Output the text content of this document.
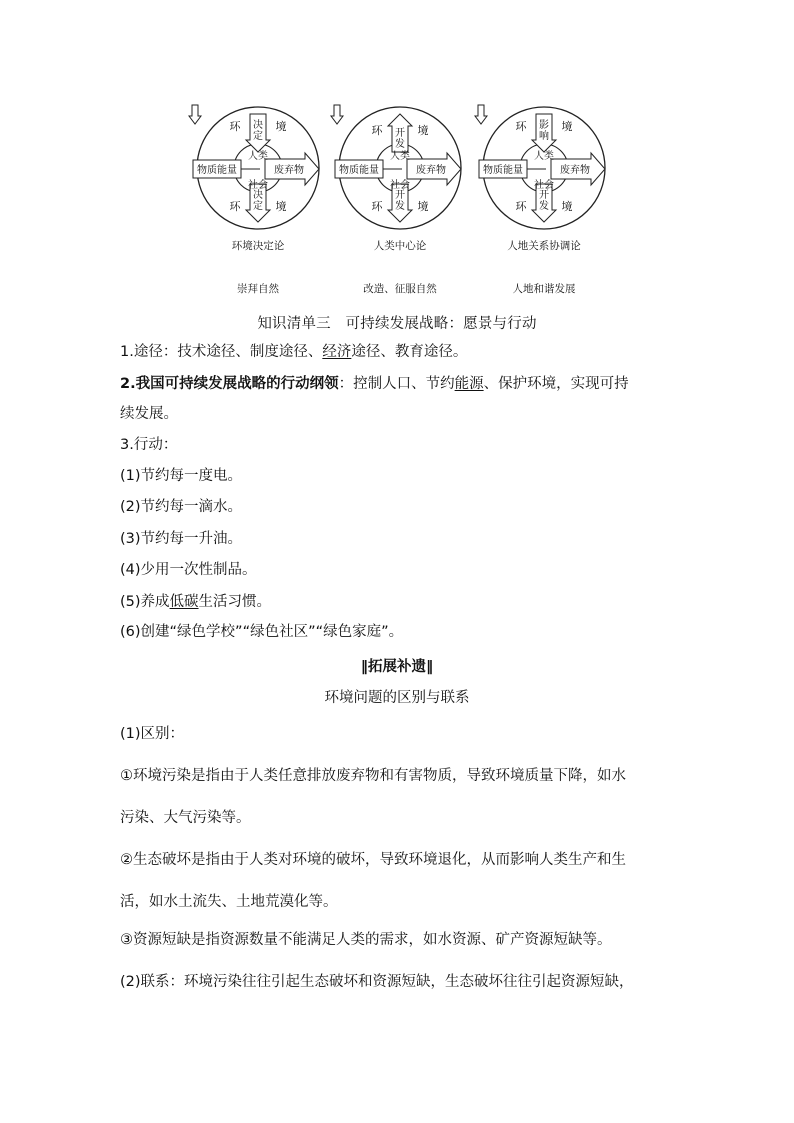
决
定
环	境
决
定
环	境
物质能量	废弃物
人类
社会
环境决定论
崇拜自然
开
发
环	境
开
发
环	境
物质能量	废弃物
人类
社会
人类中心论
改造、征服自然
影
响
环	境
开
发
环	境
物质能量	废弃物
人类
社会
人地关系协调论
人地和谐发展
知识清单三　可持续发展战略：愿景与行动
1.途径：技术途径、制度途径、经济途径、教育途径。
2.我国可持续发展战略的行动纲领：控制人口、节约能源、保护环境，实现可持
续发展。
3.行动：
(1)节约每一度电。
(2)节约每一滴水。
(3)节约每一升油。
(4)少用一次性制品。
(5)养成低碳生活习惯。
(6)创建“绿色学校”“绿色社区”“绿色家庭”。
‖拓展补遗‖
环境问题的区别与联系
(1)区别：
①环境污染是指由于人类任意排放废弃物和有害物质，导致环境质量下降，如水
污染、大气污染等。
②生态破坏是指由于人类对环境的破坏，导致环境退化，从而影响人类生产和生
活，如水土流失、土地荒漠化等。
③资源短缺是指资源数量不能满足人类的需求，如水资源、矿产资源短缺等。
(2)联系：环境污染往往引起生态破坏和资源短缺，生态破坏往往引起资源短缺，
